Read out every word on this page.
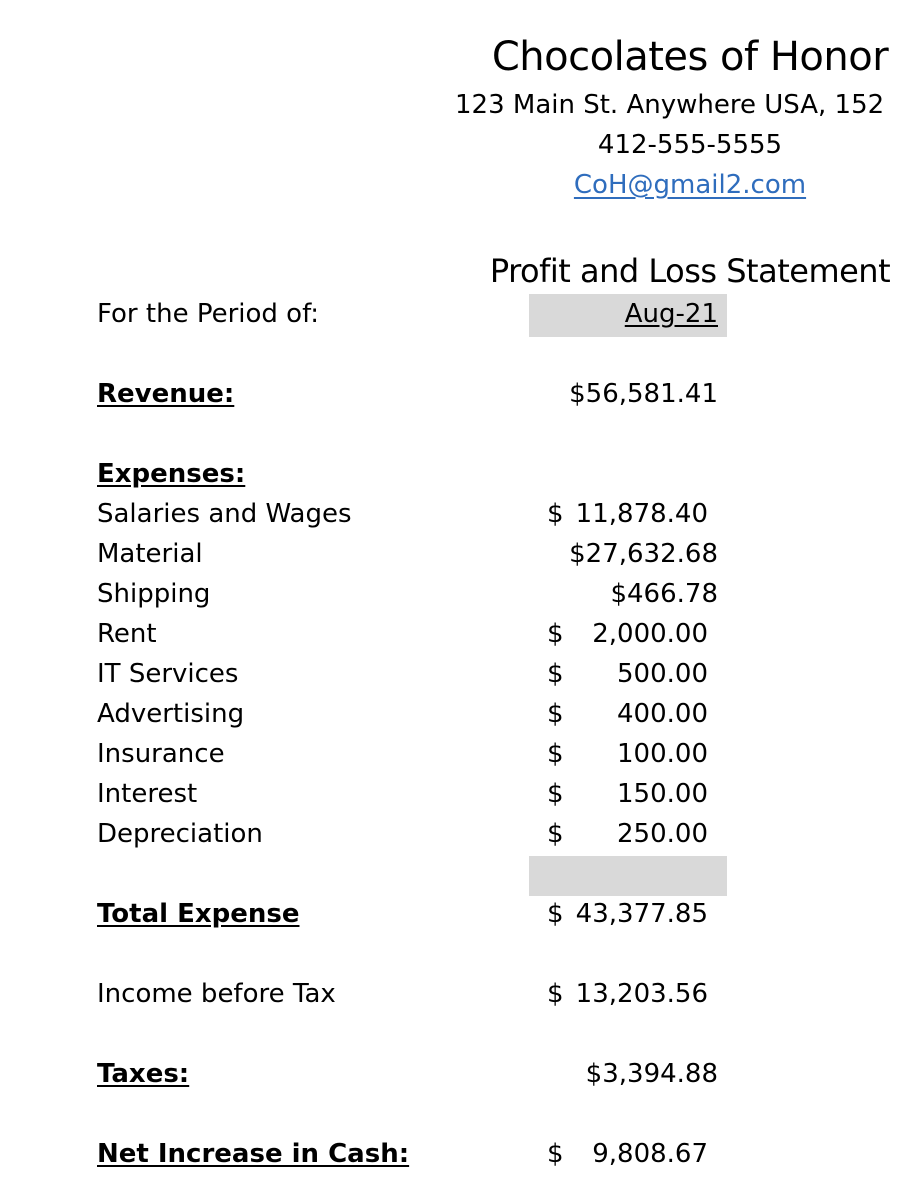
Chocolates of Honor
123 Main St. Anywhere USA, 152
412-555-5555
CoH@gmail2.com
Profit and Loss Statement
For the Period of:	Aug-21
Revenue:	$56,581.41
Expenses:
Salaries and Wages	$ 11,878.40
Material	$27,632.68
Shipping	$466.78
Rent	$ 2,000.00
IT Services	$ 500.00
Advertising	$ 400.00
Insurance	$ 100.00
Interest	$ 150.00
Depreciation	$ 250.00
Total Expense	$ 43,377.85
Income before Tax	$ 13,203.56
Taxes:	$3,394.88
Net Increase in Cash:	$ 9,808.67
